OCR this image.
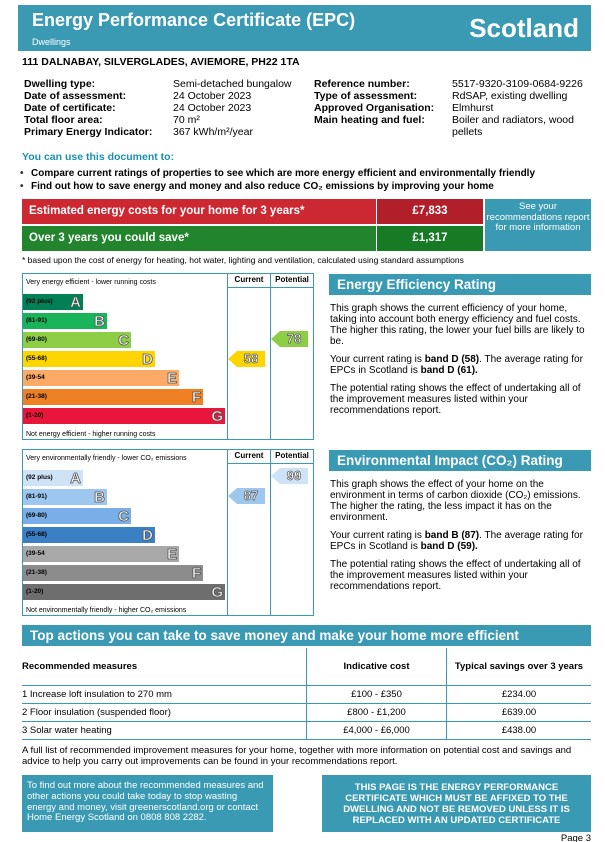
Energy Performance Certificate (EPC)
Dwellings	Scotland
111 DALNABAY, SILVERGLADES, AVIEMORE, PH22 1TA
Dwelling type:	Semi-detached bungalow
Date of assessment:	24 October 2023
Date of certificate:	24 October 2023
Total floor area:	70 m²
Primary Energy Indicator:	367 kWh/m²/year
Reference number:	5517-9320-3109-0684-9226
Type of assessment:	RdSAP, existing dwelling
Approved Organisation:	Elmhurst
Main heating and fuel:	Boiler and radiators, wood pellets
You can use this document to:
• Compare current ratings of properties to see which are more energy efficient and environmentally friendly
• Find out how to save energy and money and also reduce CO₂ emissions by improving your home
Estimated energy costs for your home for 3 years*	£7,833
Over 3 years you could save*	£1,317
See your recommendations report for more information
* based upon the cost of energy for heating, hot water, lighting and ventilation, calculated using standard assumptions
Very energy efficient - lower running costs	Current	Potential
(92 plus) A
(81-91)	B
(69-80)	C
(55-68)	D
(39-54	E
(21-38)	F
(1-20)	G
Not energy efficient - higher running costs
58
78
Very environmentally friendly - lower CO₂ emissions	Current	Potential
(92 plus) A
(81-91)	B
(69-80)	C
(55-68)	D
(39-54	E
(21-38)	F
(1-20)	G
Not environmentally friendly - higher CO₂ emissions
87
99
Energy Efficiency Rating

This graph shows the current efficiency of your home, taking into account both energy efficiency and fuel costs. The higher this rating, the lower your fuel bills are likely to be.

Your current rating is band D (58). The average rating for EPCs in Scotland is band D (61).

The potential rating shows the effect of undertaking all of the improvement measures listed within your recommendations report.

Environmental Impact (CO₂) Rating

This graph shows the effect of your home on the environment in terms of carbon dioxide (CO₂) emissions. The higher the rating, the less impact it has on the environment.

Your current rating is band B (87). The average rating for EPCs in Scotland is band D (59).

The potential rating shows the effect of undertaking all of the improvement measures listed within your recommendations report.

Top actions you can take to save money and make your home more efficient
Recommended measures	Indicative cost	Typical savings over 3 years
1 Increase loft insulation to 270 mm	£100 - £350	£234.00
2 Floor insulation (suspended floor)	£800 - £1,200	£639.00
3 Solar water heating	£4,000 - £6,000	£438.00
A full list of recommended improvement measures for your home, together with more information on potential cost and savings and advice to help you carry out improvements can be found in your recommendations report.
To find out more about the recommended measures and other actions you could take today to stop wasting energy and money, visit greenerscotland.org or contact Home Energy Scotland on 0808 808 2282.
THIS PAGE IS THE ENERGY PERFORMANCE CERTIFICATE WHICH MUST BE AFFIXED TO THE DWELLING AND NOT BE REMOVED UNLESS IT IS REPLACED WITH AN UPDATED CERTIFICATE
Page 3
